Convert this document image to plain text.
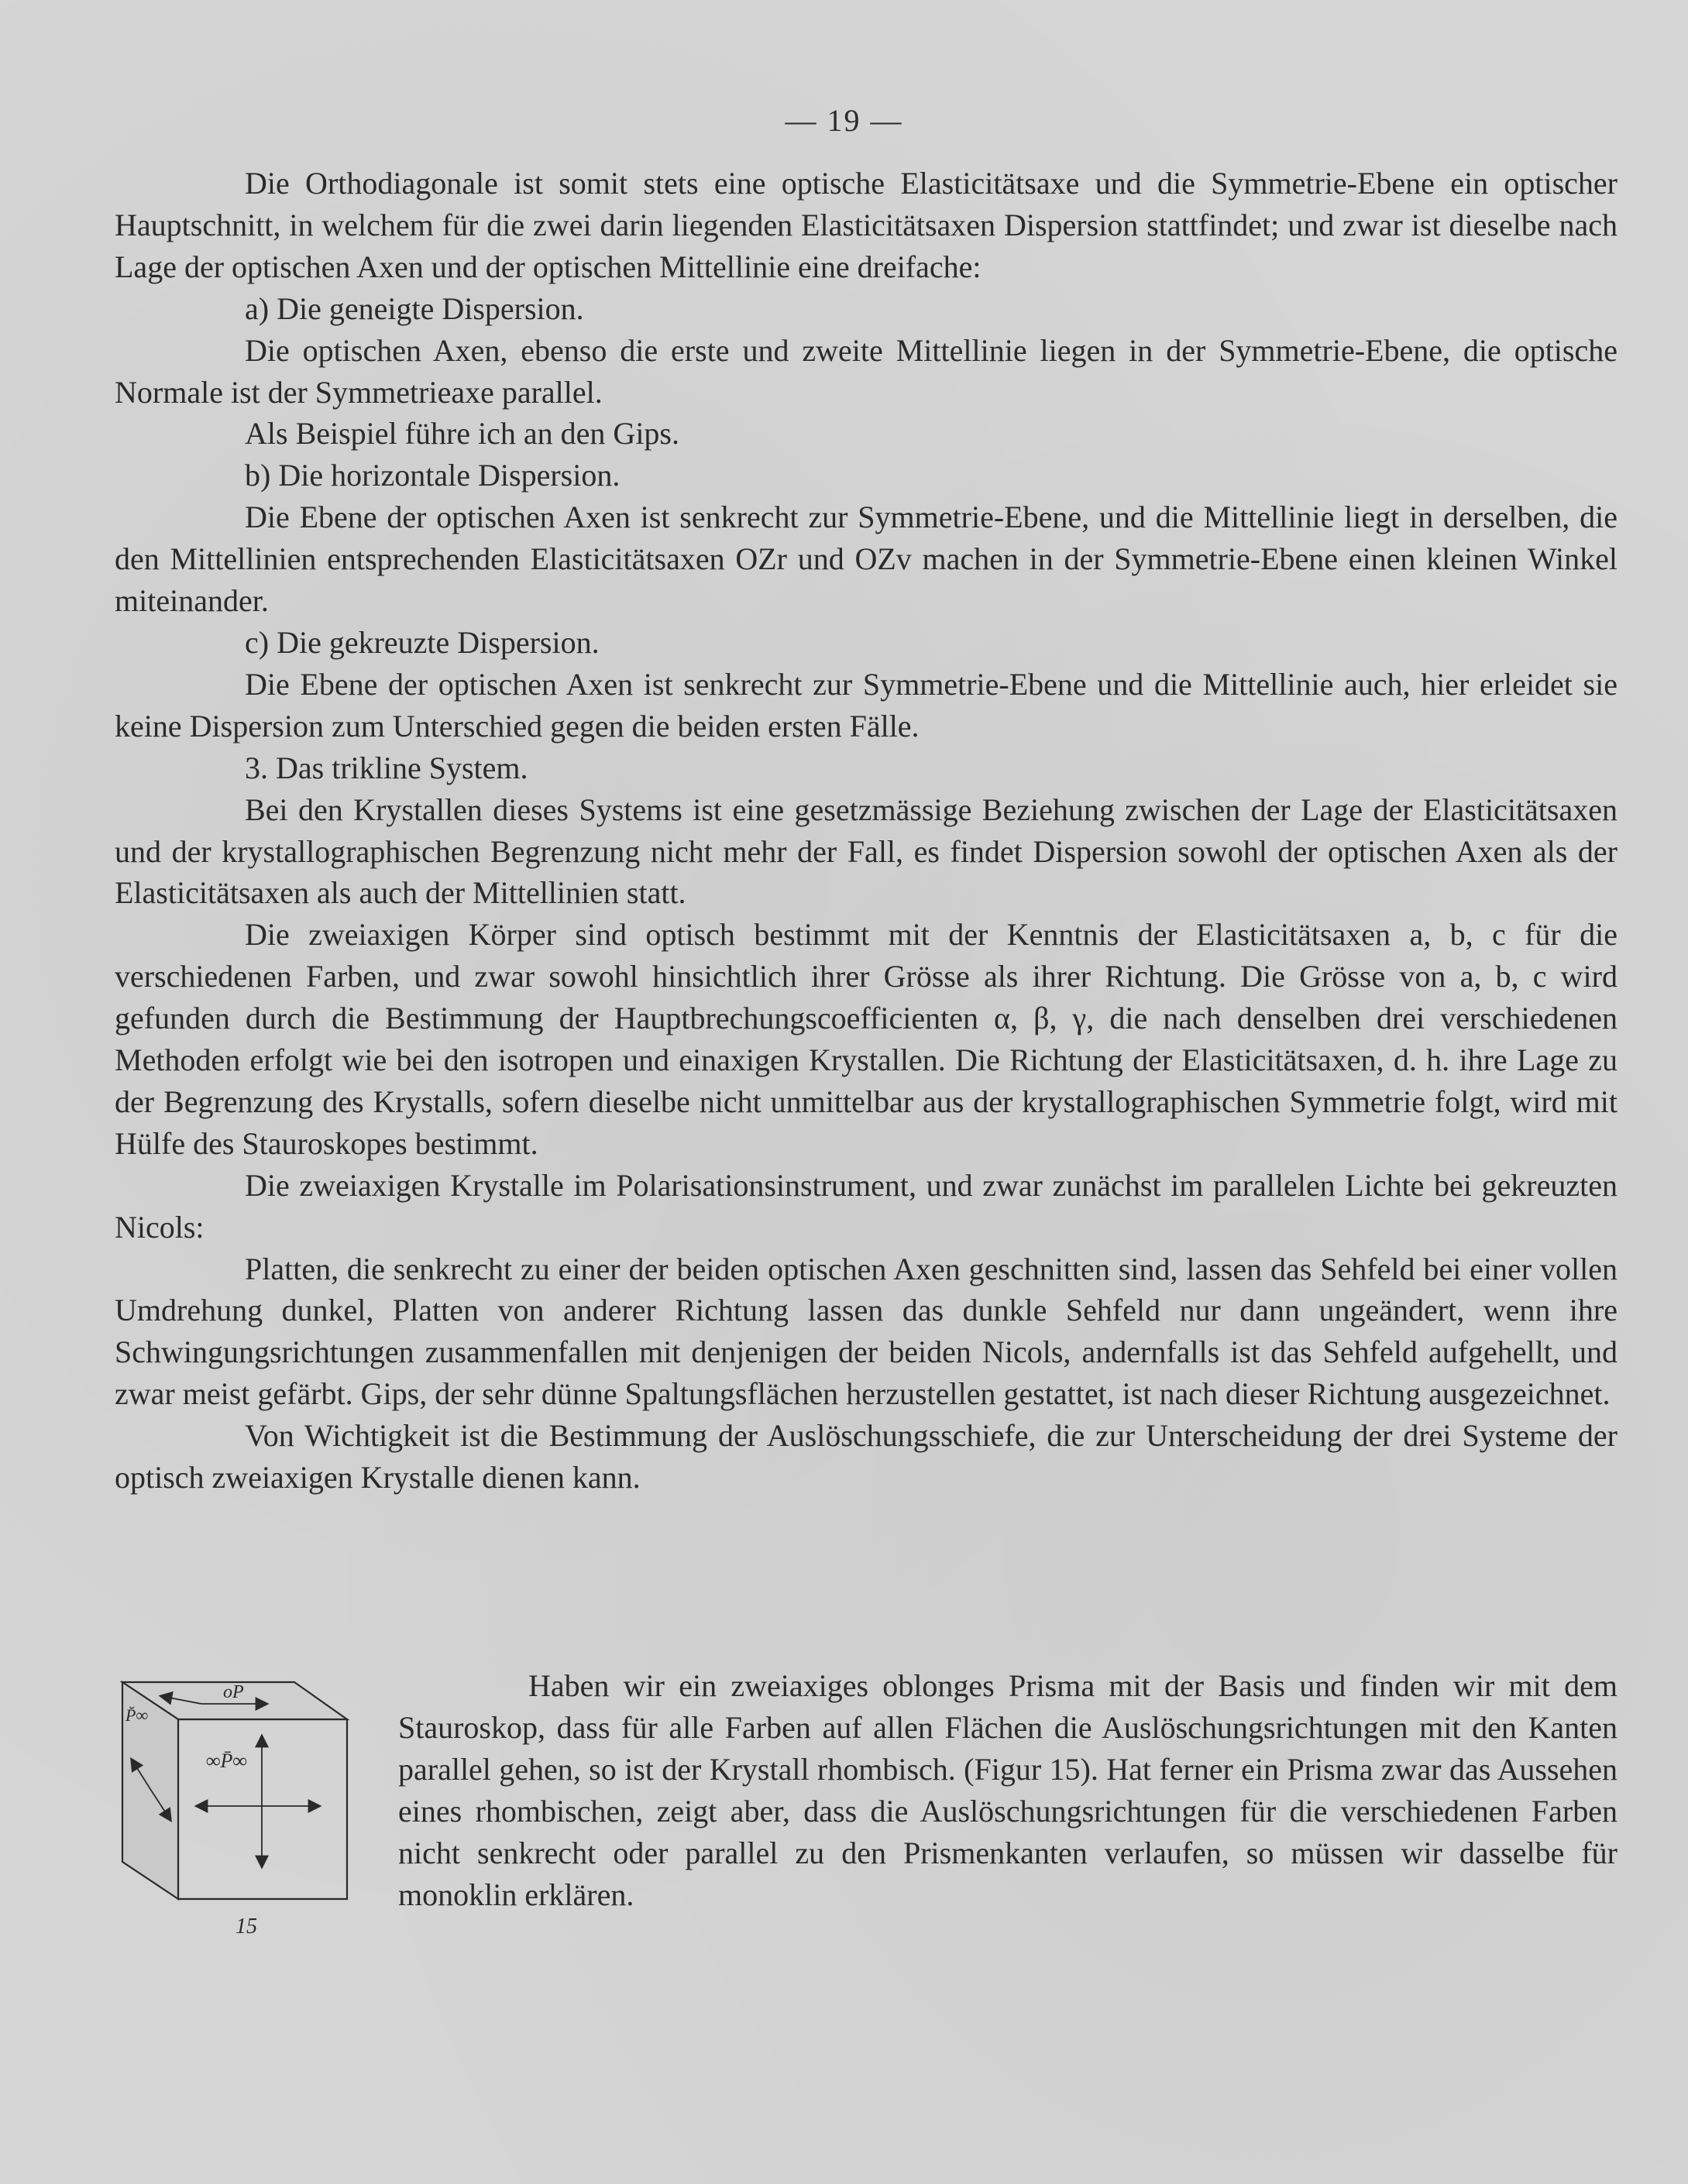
— 19 —

Die Orthodiagonale ist somit stets eine optische Elasticitätsaxe und die Symmetrie-Ebene ein optischer Hauptschnitt, in welchem für die zwei darin liegenden Elasticitätsaxen Dispersion stattfindet; und zwar ist dieselbe nach Lage der optischen Axen und der optischen Mittellinie eine dreifache:

a) Die geneigte Dispersion.

Die optischen Axen, ebenso die erste und zweite Mittellinie liegen in der Symmetrie-Ebene, die optische Normale ist der Symmetrieaxe parallel.

Als Beispiel führe ich an den Gips.

b) Die horizontale Dispersion.

Die Ebene der optischen Axen ist senkrecht zur Symmetrie-Ebene, und die Mittellinie liegt in derselben, die den Mittellinien entsprechenden Elasticitätsaxen OZr und OZv machen in der Symmetrie-Ebene einen kleinen Winkel miteinander.

c) Die gekreuzte Dispersion.

Die Ebene der optischen Axen ist senkrecht zur Symmetrie-Ebene und die Mittellinie auch, hier erleidet sie keine Dispersion zum Unterschied gegen die beiden ersten Fälle.

3. Das trikline System.

Bei den Krystallen dieses Systems ist eine gesetzmässige Beziehung zwischen der Lage der Elasticitätsaxen und der krystallographischen Begrenzung nicht mehr der Fall, es findet Dispersion sowohl der optischen Axen als der Elasticitätsaxen als auch der Mittellinien statt.

Die zweiaxigen Körper sind optisch bestimmt mit der Kenntnis der Elasticitätsaxen a, b, c für die verschiedenen Farben, und zwar sowohl hinsichtlich ihrer Grösse als ihrer Richtung. Die Grösse von a, b, c wird gefunden durch die Bestimmung der Hauptbrechungscoefficienten α, β, γ, die nach denselben drei verschiedenen Methoden erfolgt wie bei den isotropen und einaxigen Krystallen. Die Richtung der Elasticitätsaxen, d. h. ihre Lage zu der Begrenzung des Krystalls, sofern dieselbe nicht unmittelbar aus der krystallographischen Symmetrie folgt, wird mit Hülfe des Stauroskopes bestimmt.

Die zweiaxigen Krystalle im Polarisationsinstrument, und zwar zunächst im parallelen Lichte bei gekreuzten Nicols:

Platten, die senkrecht zu einer der beiden optischen Axen geschnitten sind, lassen das Sehfeld bei einer vollen Umdrehung dunkel, Platten von anderer Richtung lassen das dunkle Sehfeld nur dann ungeändert, wenn ihre Schwingungsrichtungen zusammenfallen mit denjenigen der beiden Nicols, andernfalls ist das Sehfeld aufgehellt, und zwar meist gefärbt. Gips, der sehr dünne Spaltungsflächen herzustellen gestattet, ist nach dieser Richtung ausgezeichnet.

Von Wichtigkeit ist die Bestimmung der Auslöschungsschiefe, die zur Unterscheidung der drei Systeme der optisch zweiaxigen Krystalle dienen kann.

oP
∞P̄∞
P̆∞
15

Haben wir ein zweiaxiges oblonges Prisma mit der Basis und finden wir mit dem Stauroskop, dass für alle Farben auf allen Flächen die Auslöschungsrichtungen mit den Kanten parallel gehen, so ist der Krystall rhombisch. (Figur 15). Hat ferner ein Prisma zwar das Aussehen eines rhombischen, zeigt aber, dass die Auslöschungsrichtungen für die verschiedenen Farben nicht senkrecht oder parallel zu den Prismenkanten verlaufen, so müssen wir dasselbe für monoklin erklären.
